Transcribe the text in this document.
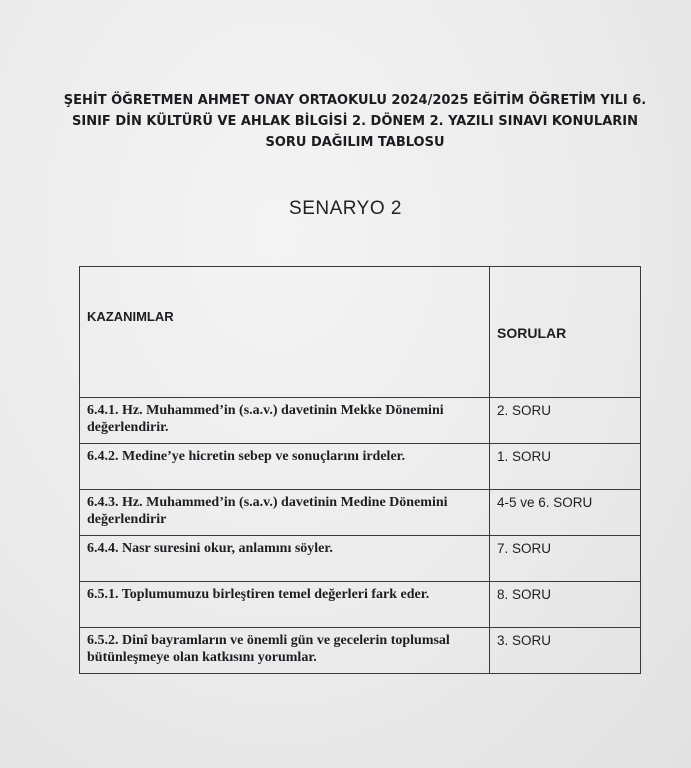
ŞEHİT ÖĞRETMEN AHMET ONAY ORTAOKULU 2024/2025 EĞİTİM ÖĞRETİM YILI 6.
SINIF DİN KÜLTÜRÜ VE AHLAK BİLGİSİ 2. DÖNEM 2. YAZILI SINAVI KONULARIN
SORU DAĞILIM TABLOSU
SENARYO 2
KAZANIMLAR	SORULAR
6.4.1. Hz. Muhammed’in (s.a.v.) davetinin Mekke Dönemini değerlendirir.	2. SORU
6.4.2. Medine’ye hicretin sebep ve sonuçlarını irdeler.	1. SORU
6.4.3. Hz. Muhammed’in (s.a.v.) davetinin Medine Dönemini değerlendirir	4-5 ve 6. SORU
6.4.4. Nasr suresini okur, anlamını söyler.	7. SORU
6.5.1. Toplumumuzu birleştiren temel değerleri fark eder.	8. SORU
6.5.2. Dinî bayramların ve önemli gün ve gecelerin toplumsal bütünleşmeye olan katkısını yorumlar.	3. SORU
